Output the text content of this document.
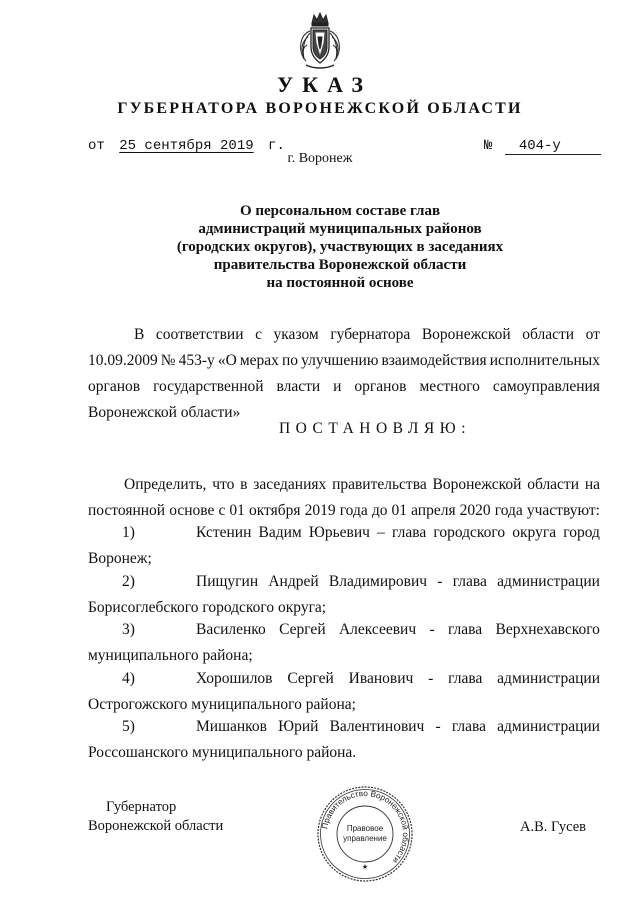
УКАЗ
ГУБЕРНАТОРА ВОРОНЕЖСКОЙ ОБЛАСТИ
от 25 сентября 2019 г.	№ 404-у
г. Воронеж
О персональном составе глав
администраций муниципальных районов
(городских округов), участвующих в заседаниях
правительства Воронежской области
на постоянной основе
В соответствии с указом губернатора Воронежской области от
10.09.2009 № 453-у «О мерах по улучшению взаимодействия исполнительных
органов государственной власти и органов местного самоуправления
Воронежской области»
ПОСТАНОВЛЯЮ:
Определить, что в заседаниях правительства Воронежской области на
постоянной основе с 01 октября 2019 года до 01 апреля 2020 года участвуют:
1)	Кстенин Вадим Юрьевич – глава городского округа город
Воронеж;
2)	Пищугин Андрей Владимирович - глава администрации
Борисоглебского городского округа;
3)	Василенко Сергей Алексеевич - глава Верхнехавского
муниципального района;
4)	Хорошилов Сергей Иванович - глава администрации
Острогожского муниципального района;
5)	Мишанков Юрий Валентинович - глава администрации
Россошанского муниципального района.
Губернатор
Воронежской области	Правительство Воронежской области
Правовое
управление
★
А.В. Гусев
